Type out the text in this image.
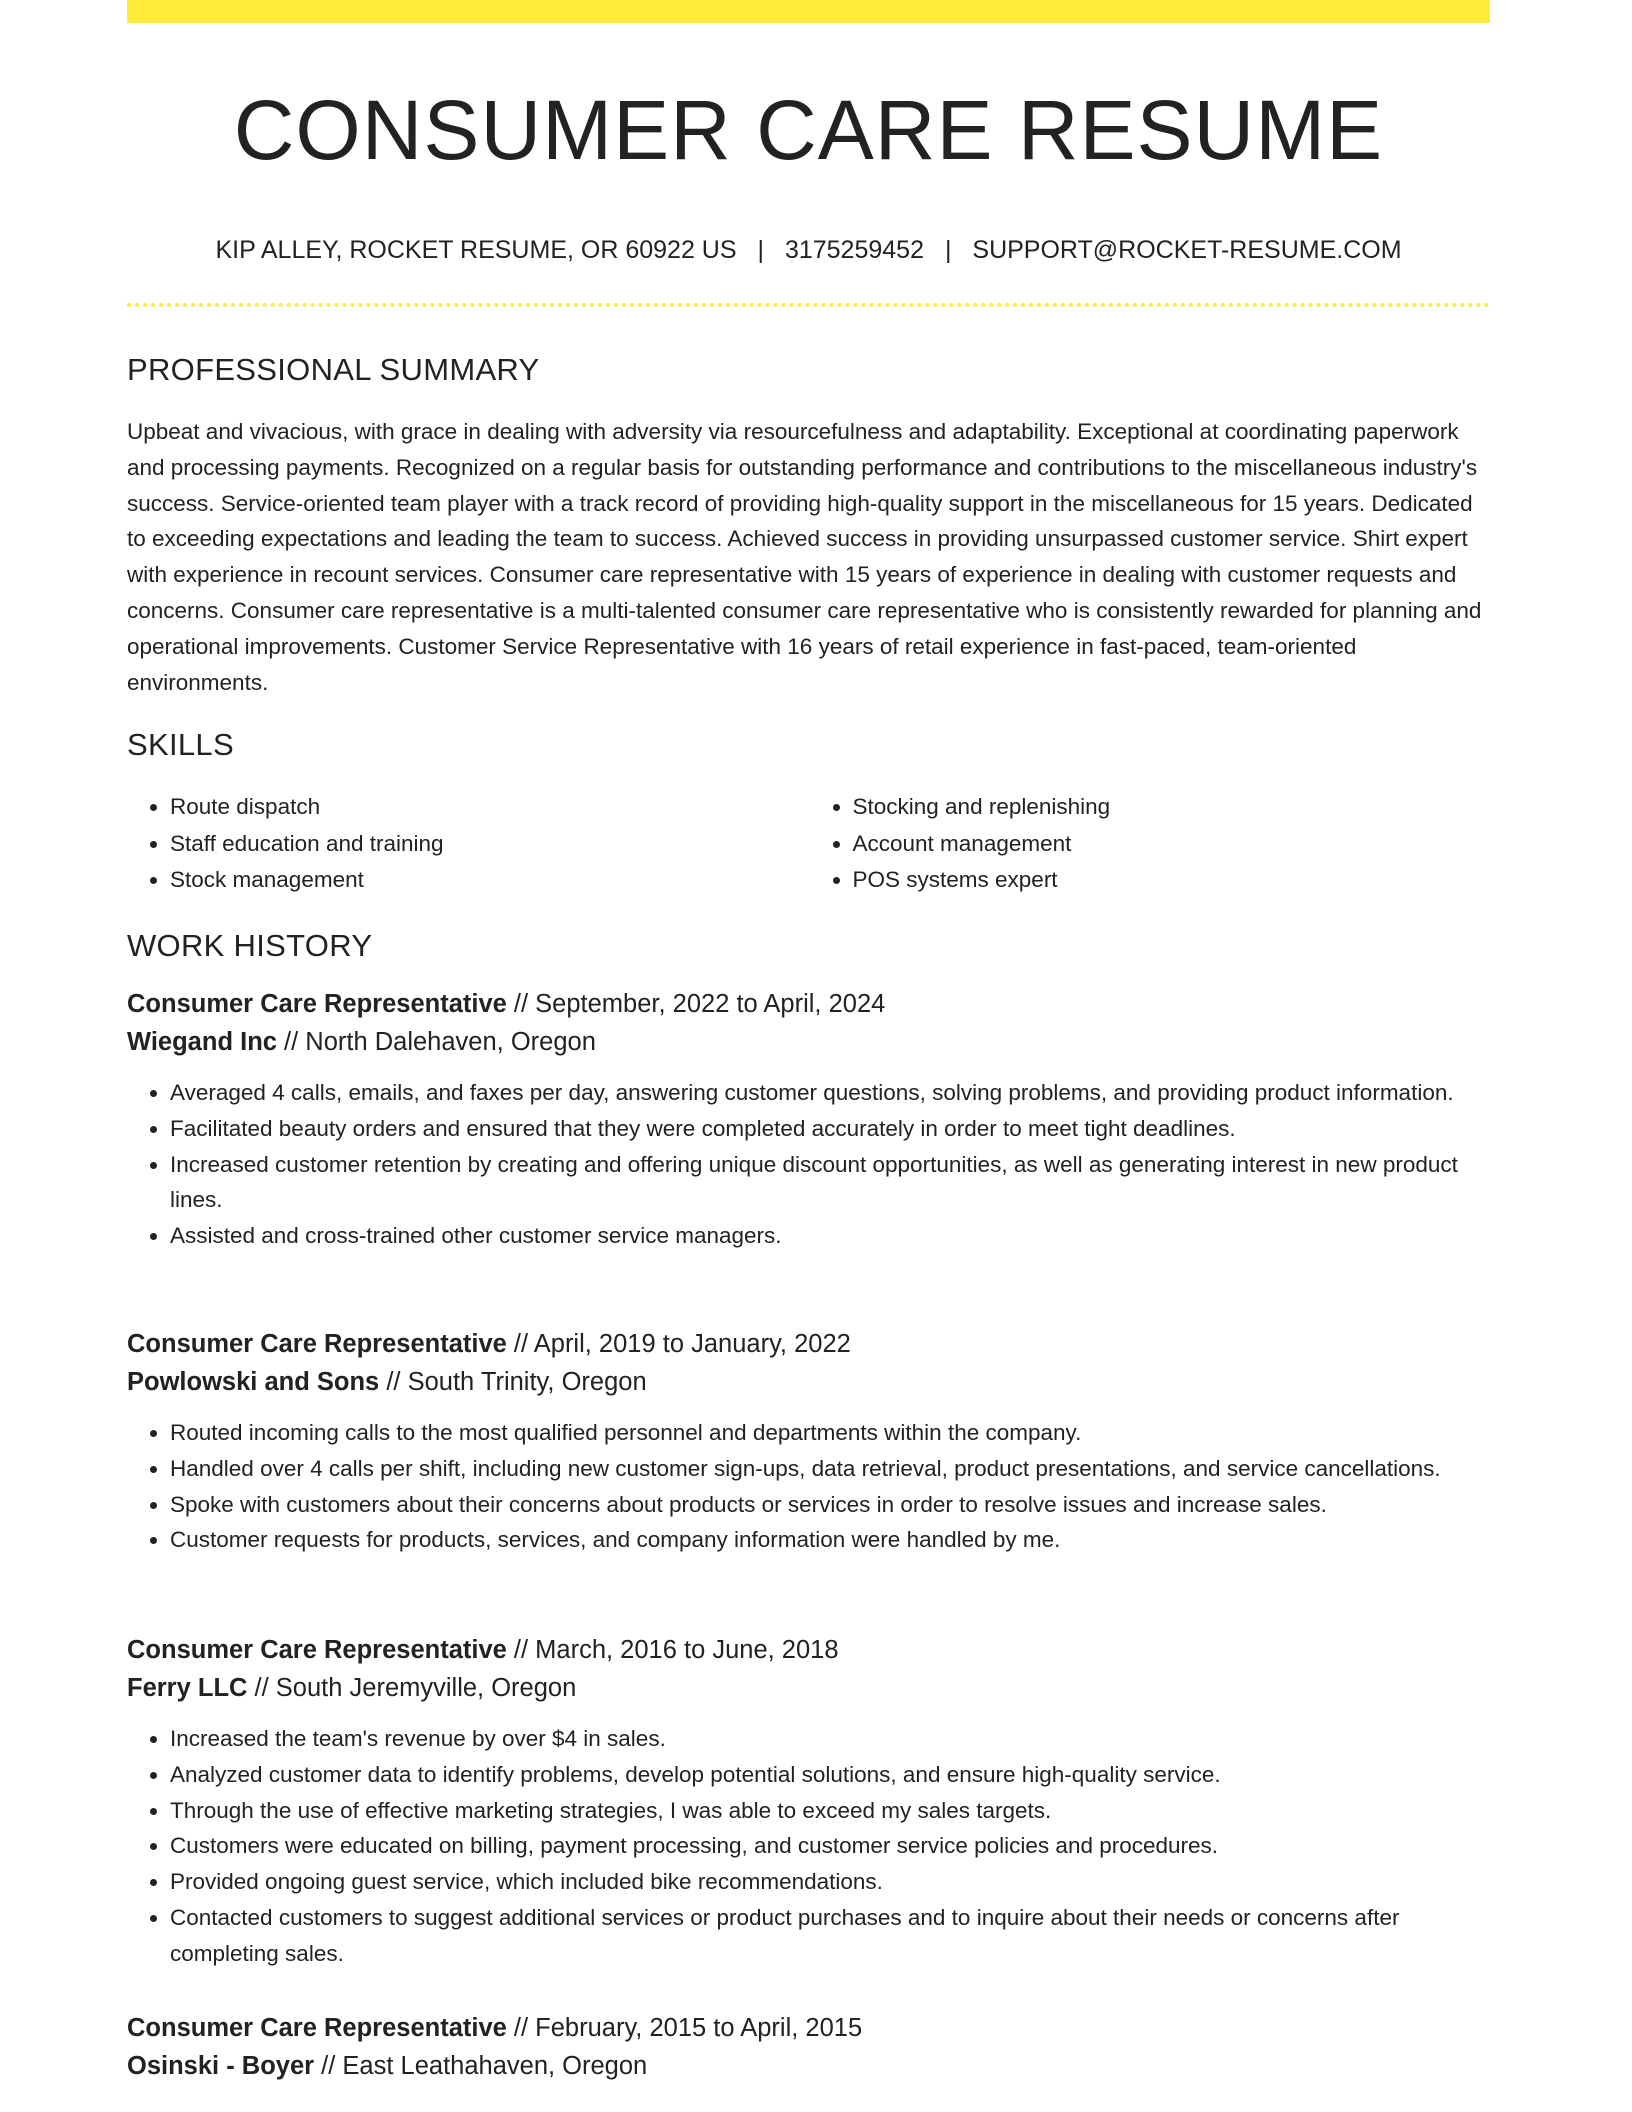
CONSUMER CARE RESUME
KIP ALLEY, ROCKET RESUME, OR 60922 US | 3175259452 | SUPPORT@ROCKET-RESUME.COM
PROFESSIONAL SUMMARY

Upbeat and vivacious, with grace in dealing with adversity via resourcefulness and adaptability. Exceptional at coordinating paperwork and processing payments. Recognized on a regular basis for outstanding performance and contributions to the miscellaneous industry's success. Service-oriented team player with a track record of providing high-quality support in the miscellaneous for 15 years. Dedicated to exceeding expectations and leading the team to success. Achieved success in providing unsurpassed customer service. Shirt expert with experience in recount services. Consumer care representative with 15 years of experience in dealing with customer requests and concerns. Consumer care representative is a multi-talented consumer care representative who is consistently rewarded for planning and operational improvements. Customer Service Representative with 16 years of retail experience in fast-paced, team-oriented environments.

SKILLS
• Route dispatch
• Staff education and training
• Stock management
• Stocking and replenishing
• Account management
• POS systems expert
WORK HISTORY
Consumer Care Representative // September, 2022 to April, 2024
Wiegand Inc // North Dalehaven, Oregon
• Averaged 4 calls, emails, and faxes per day, answering customer questions, solving problems, and providing product information.
• Facilitated beauty orders and ensured that they were completed accurately in order to meet tight deadlines.
• Increased customer retention by creating and offering unique discount opportunities, as well as generating interest in new product lines.
• Assisted and cross-trained other customer service managers.
Consumer Care Representative // April, 2019 to January, 2022
Powlowski and Sons // South Trinity, Oregon
• Routed incoming calls to the most qualified personnel and departments within the company.
• Handled over 4 calls per shift, including new customer sign-ups, data retrieval, product presentations, and service cancellations.
• Spoke with customers about their concerns about products or services in order to resolve issues and increase sales.
• Customer requests for products, services, and company information were handled by me.
Consumer Care Representative // March, 2016 to June, 2018
Ferry LLC // South Jeremyville, Oregon
• Increased the team's revenue by over $4 in sales.
• Analyzed customer data to identify problems, develop potential solutions, and ensure high-quality service.
• Through the use of effective marketing strategies, I was able to exceed my sales targets.
• Customers were educated on billing, payment processing, and customer service policies and procedures.
• Provided ongoing guest service, which included bike recommendations.
• Contacted customers to suggest additional services or product purchases and to inquire about their needs or concerns after completing sales.
Consumer Care Representative // February, 2015 to April, 2015
Osinski - Boyer // East Leathahaven, Oregon
